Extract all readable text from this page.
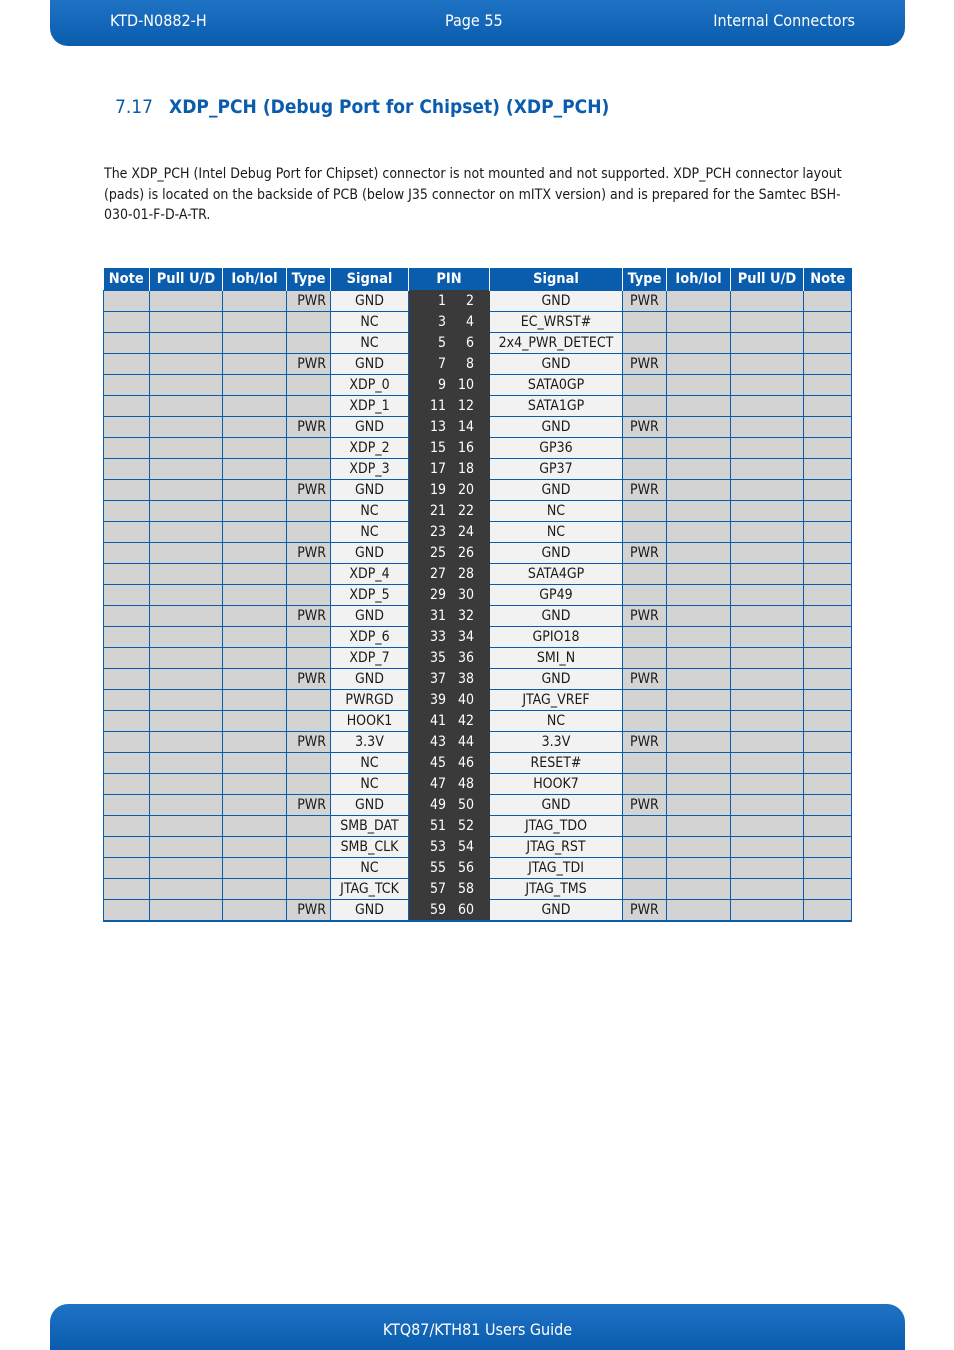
KTD-N0882-H	Page 55	Internal Connectors
7.17 XDP_PCH (Debug Port for Chipset) (XDP_PCH)
The XDP_PCH (Intel Debug Port for Chipset) connector is not mounted and not supported. XDP_PCH connector layout (pads) is located on the backside of PCB (below J35 connector on mITX version) and is prepared for the Samtec BSH-030-01-F-D-A-TR.
Note	Pull U/D	Ioh/Iol	Type	Signal	PIN	Signal	Type	Ioh/Iol	Pull U/D	Note
			PWR	GND	1 2	GND	PWR			
				NC	3 4	EC_WRST#				
				NC	5 6	2x4_PWR_DETECT				
			PWR	GND	7 8	GND	PWR			
				XDP_0	9 10	SATA0GP				
				XDP_1	11 12	SATA1GP				
			PWR	GND	13 14	GND	PWR			
				XDP_2	15 16	GP36				
				XDP_3	17 18	GP37				
			PWR	GND	19 20	GND	PWR			
				NC	21 22	NC				
				NC	23 24	NC				
			PWR	GND	25 26	GND	PWR			
				XDP_4	27 28	SATA4GP				
				XDP_5	29 30	GP49				
			PWR	GND	31 32	GND	PWR			
				XDP_6	33 34	GPIO18				
				XDP_7	35 36	SMI_N				
			PWR	GND	37 38	GND	PWR			
				PWRGD	39 40	JTAG_VREF				
				HOOK1	41 42	NC				
			PWR	3.3V	43 44	3.3V	PWR			
				NC	45 46	RESET#				
				NC	47 48	HOOK7				
			PWR	GND	49 50	GND	PWR			
				SMB_DAT	51 52	JTAG_TDO				
				SMB_CLK	53 54	JTAG_RST				
				NC	55 56	JTAG_TDI				
				JTAG_TCK	57 58	JTAG_TMS				
			PWR	GND	59 60	GND	PWR			
KTQ87/KTH81 Users Guide
